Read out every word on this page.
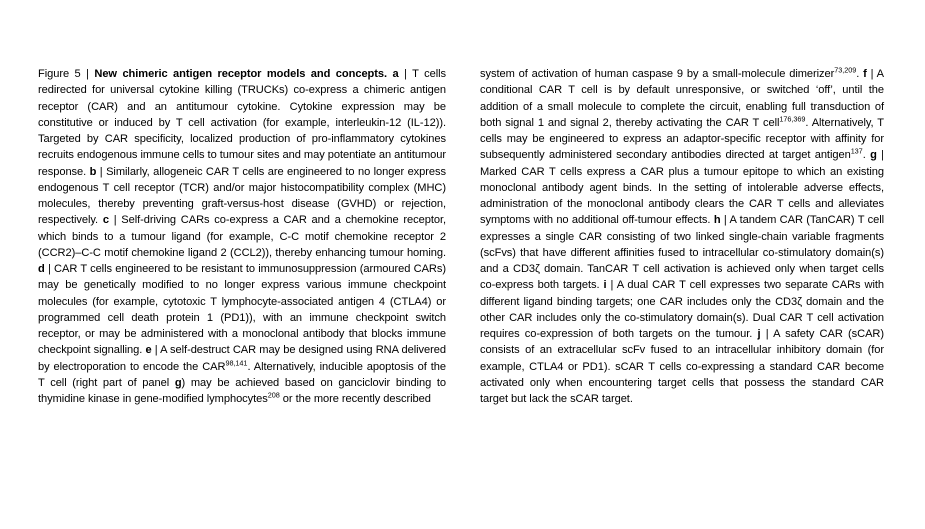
Figure 5 | New chimeric antigen receptor models and concepts. a | T cells redirected for universal cytokine killing (TRUCKs) co-express a chimeric antigen receptor (CAR) and an antitumour cytokine. Cytokine expression may be constitutive or induced by T cell activation (for example, interleukin-12 (IL-12)). Targeted by CAR specificity, localized production of pro-inflammatory cytokines recruits endogenous immune cells to tumour sites and may potentiate an antitumour response. b | Similarly, allogeneic CAR T cells are engineered to no longer express endogenous T cell receptor (TCR) and/or major histocompatibility complex (MHC) molecules, thereby preventing graft-versus-host disease (GVHD) or rejection, respectively. c | Self-driving CARs co-express a CAR and a chemokine receptor, which binds to a tumour ligand (for example, C-C motif chemokine receptor 2 (CCR2)–C-C motif chemokine ligand 2 (CCL2)), thereby enhancing tumour homing. d | CAR T cells engineered to be resistant to immunosuppression (armoured CARs) may be genetically modified to no longer express various immune checkpoint molecules (for example, cytotoxic T lymphocyte-associated antigen 4 (CTLA4) or programmed cell death protein 1 (PD1)), with an immune checkpoint switch receptor, or may be administered with a monoclonal antibody that blocks immune checkpoint signalling. e | A self-destruct CAR may be designed using RNA delivered by electroporation to encode the CAR$^{98,141}$. Alternatively, inducible apoptosis of the T cell (right part of panel g) may be achieved based on ganciclovir binding to thymidine kinase in gene-modified lymphocytes$^{208}$ or the more recently described
system of activation of human caspase 9 by a small-molecule dimerizer$^{73,209}$. f | A conditional CAR T cell is by default unresponsive, or switched ‘off’, until the addition of a small molecule to complete the circuit, enabling full transduction of both signal 1 and signal 2, thereby activating the CAR T cell$^{176,369}$. Alternatively, T cells may be engineered to express an adaptor-specific receptor with affinity for subsequently administered secondary antibodies directed at target antigen$^{137}$. g | Marked CAR T cells express a CAR plus a tumour epitope to which an existing monoclonal antibody agent binds. In the setting of intolerable adverse effects, administration of the monoclonal antibody clears the CAR T cells and alleviates symptoms with no additional off-tumour effects. h | A tandem CAR (TanCAR) T cell expresses a single CAR consisting of two linked single-chain variable fragments (scFvs) that have different affinities fused to intracellular co-stimulatory domain(s) and a CD3ζ domain. TanCAR T cell activation is achieved only when target cells co-express both targets. i | A dual CAR T cell expresses two separate CARs with different ligand binding targets; one CAR includes only the CD3ζ domain and the other CAR includes only the co-stimulatory domain(s). Dual CAR T cell activation requires co-expression of both targets on the tumour. j | A safety CAR (sCAR) consists of an extracellular scFv fused to an intracellular inhibitory domain (for example, CTLA4 or PD1). sCAR T cells co-expressing a standard CAR become activated only when encountering target cells that possess the standard CAR target but lack the sCAR target.
